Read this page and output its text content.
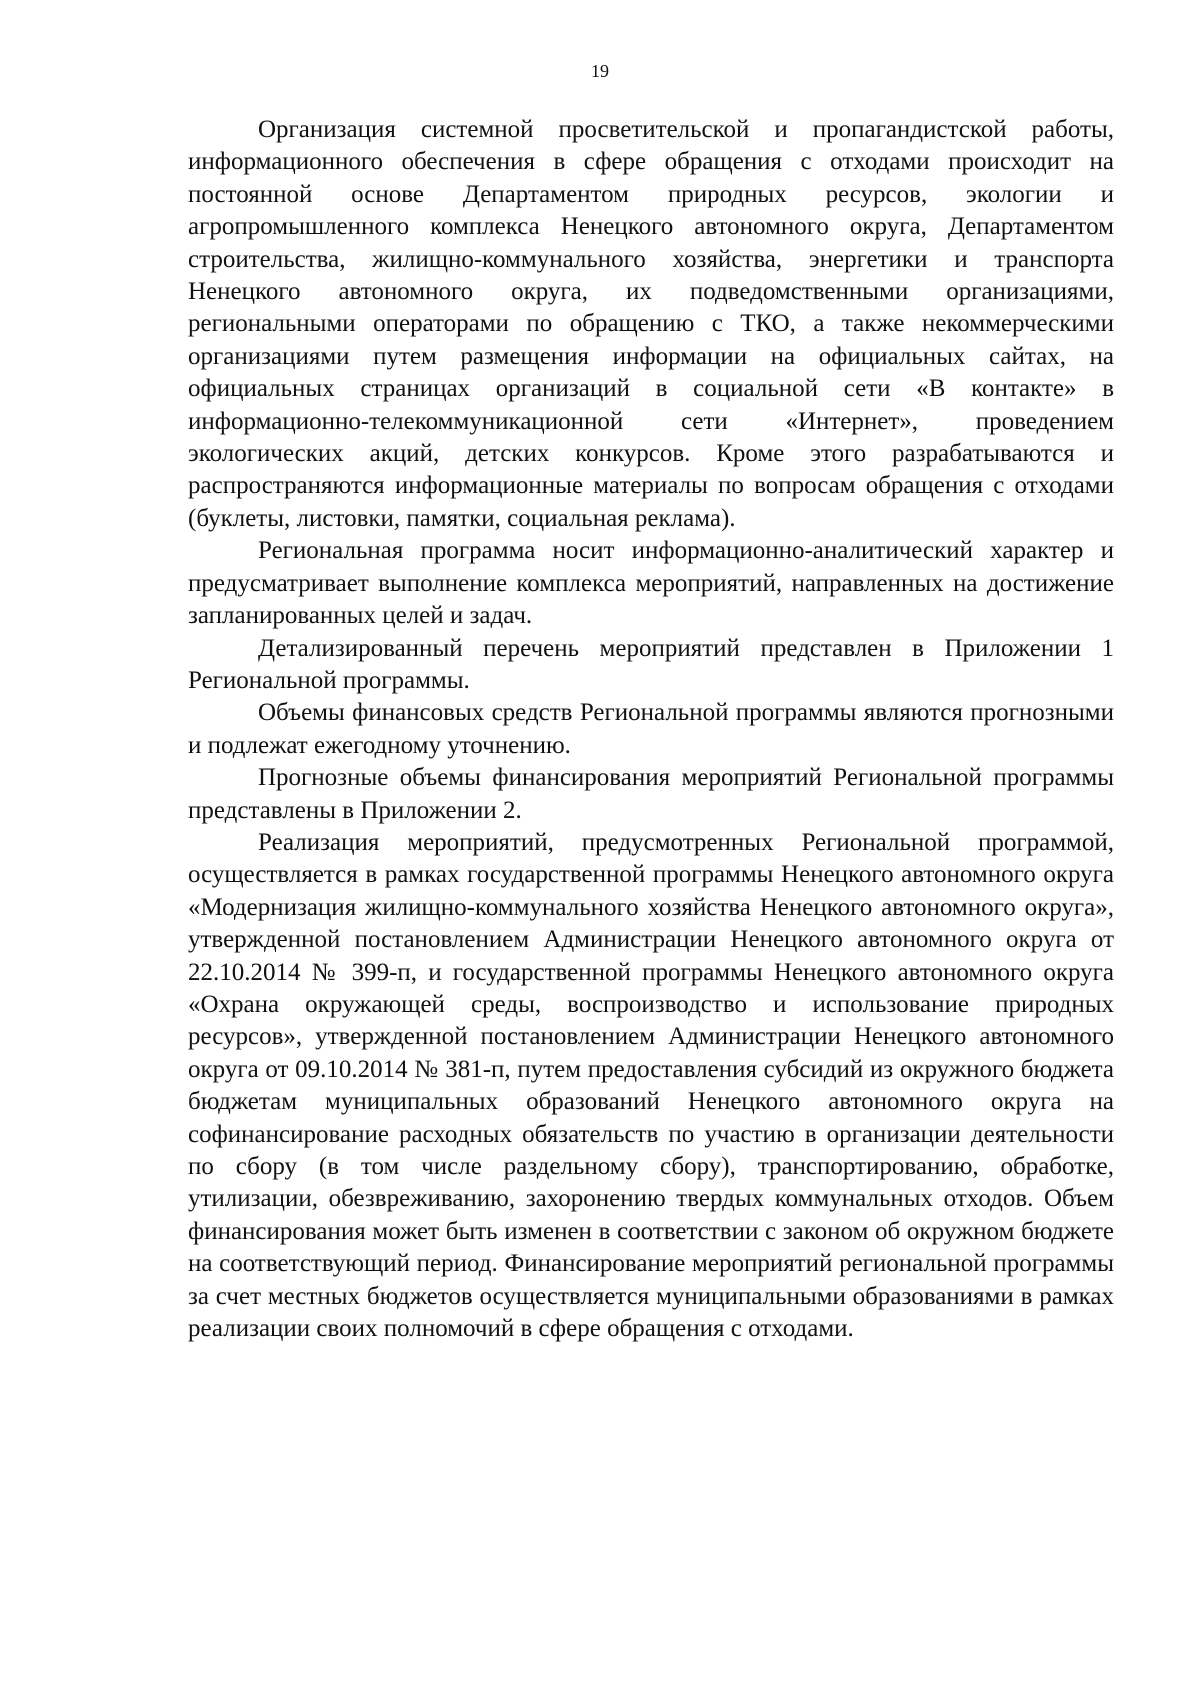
19

Организация системной просветительской и пропагандистской работы, информационного обеспечения в сфере обращения с отходами происходит на постоянной основе Департаментом природных ресурсов, экологии и агропромышленного комплекса Ненецкого автономного округа, Департаментом строительства, жилищно-коммунального хозяйства, энергетики и транспорта Ненецкого автономного округа, их подведомственными организациями, региональными операторами по обращению с ТКО, а также некоммерческими организациями путем размещения информации на официальных сайтах, на официальных страницах организаций в социальной сети «В контакте» в информационно-телекоммуникационной сети «Интернет», проведением экологических акций, детских конкурсов. Кроме этого разрабатываются и распространяются информационные материалы по вопросам обращения с отходами (буклеты, листовки, памятки, социальная реклама).

Региональная программа носит информационно-аналитический характер и предусматривает выполнение комплекса мероприятий, направленных на достижение запланированных целей и задач.

Детализированный перечень мероприятий представлен в Приложении 1 Региональной программы.

Объемы финансовых средств Региональной программы являются прогнозными и подлежат ежегодному уточнению.

Прогнозные объемы финансирования мероприятий Региональной программы представлены в Приложении 2.

Реализация мероприятий, предусмотренных Региональной программой, осуществляется в рамках государственной программы Ненецкого автономного округа «Модернизация жилищно-коммунального хозяйства Ненецкого автономного округа», утвержденной постановлением Администрации Ненецкого автономного округа от 22.10.2014 № 399-п, и государственной программы Ненецкого автономного округа «Охрана окружающей среды, воспроизводство и использование природных ресурсов», утвержденной постановлением Администрации Ненецкого автономного округа от 09.10.2014 № 381-п, путем предоставления субсидий из окружного бюджета бюджетам муниципальных образований Ненецкого автономного округа на софинансирование расходных обязательств по участию в организации деятельности по сбору (в том числе раздельному сбору), транспортированию, обработке, утилизации, обезвреживанию, захоронению твердых коммунальных отходов. Объем финансирования может быть изменен в соответствии с законом об окружном бюджете на соответствующий период. Финансирование мероприятий региональной программы за счет местных бюджетов осуществляется муниципальными образованиями в рамках реализации своих полномочий в сфере обращения с отходами.
